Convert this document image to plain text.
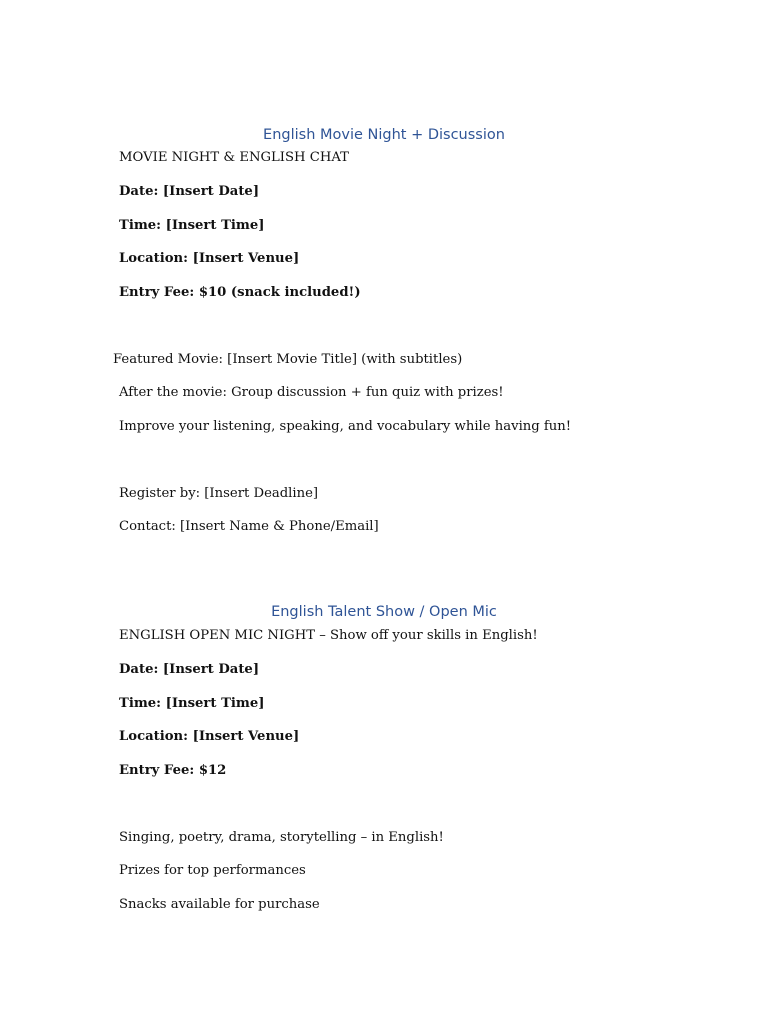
English Movie Night + Discussion

MOVIE NIGHT & ENGLISH CHAT

Date: [Insert Date]

Time: [Insert Time]

Location: [Insert Venue]

Entry Fee: $10 (snack included!)

Featured Movie: [Insert Movie Title] (with subtitles)

After the movie: Group discussion + fun quiz with prizes!

Improve your listening, speaking, and vocabulary while having fun!

Register by: [Insert Deadline]

Contact: [Insert Name & Phone/Email]

English Talent Show / Open Mic

ENGLISH OPEN MIC NIGHT – Show off your skills in English!

Date: [Insert Date]

Time: [Insert Time]

Location: [Insert Venue]

Entry Fee: $12

Singing, poetry, drama, storytelling – in English!

Prizes for top performances

Snacks available for purchase
